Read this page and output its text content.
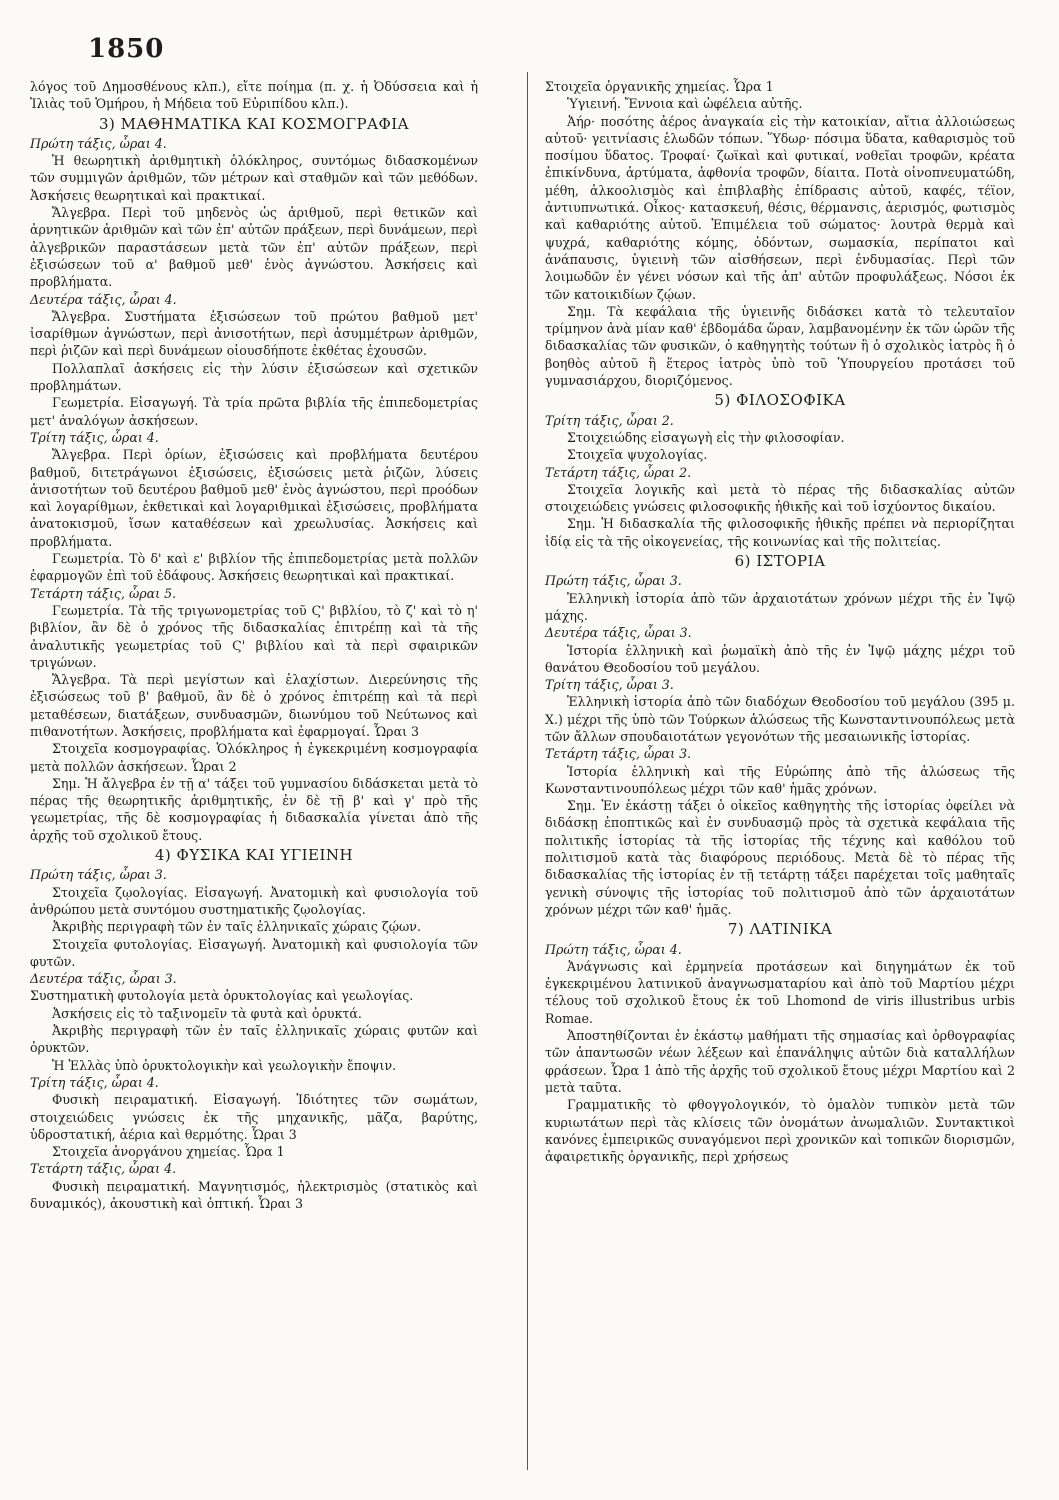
1850

λόγος τοῦ Δημοσθένους κλπ.), εἴτε ποίημα (π. χ. ἡ Ὀδύσσεια καὶ ἡ Ἰλιὰς τοῦ Ὁμήρου, ἡ Μήδεια τοῦ Εὐριπίδου κλπ.).

3) ΜΑΘΗΜΑΤΙΚΑ ΚΑΙ ΚΟΣΜΟΓΡΑΦΙΑ

Πρώτη τάξις, ὧραι 4.

Ἡ θεωρητικὴ ἀριθμητικὴ ὁλόκληρος, συντόμως διδασκομένων τῶν συμμιγῶν ἀριθμῶν, τῶν μέτρων καὶ σταθμῶν καὶ τῶν μεθόδων. Ἀσκήσεις θεωρητικαὶ καὶ πρακτικαί.

Ἄλγεβρα. Περὶ τοῦ μηδενὸς ὡς ἀριθμοῦ, περὶ θετικῶν καὶ ἀρνητικῶν ἀριθμῶν καὶ τῶν ἐπ' αὐτῶν πράξεων, περὶ δυνάμεων, περὶ ἀλγεβρικῶν παραστάσεων μετὰ τῶν ἐπ' αὐτῶν πράξεων, περὶ ἐξισώσεων τοῦ α' βαθμοῦ μεθ' ἑνὸς ἀγνώστου. Ἀσκήσεις καὶ προβλήματα.

Δευτέρα τάξις, ὧραι 4.

Ἄλγεβρα. Συστήματα ἐξισώσεων τοῦ πρώτου βαθμοῦ μετ' ἰσαρίθμων ἀγνώστων, περὶ ἀνισοτήτων, περὶ ἀσυμμέτρων ἀριθμῶν, περὶ ῥιζῶν καὶ περὶ δυνάμεων οἱουσδήποτε ἐκθέτας ἐχουσῶν.

Πολλαπλαῖ ἀσκήσεις εἰς τὴν λύσιν ἐξισώσεων καὶ σχετικῶν προβλημάτων.

Γεωμετρία. Εἰσαγωγή. Τὰ τρία πρῶτα βιβλία τῆς ἐπιπεδομετρίας μετ' ἀναλόγων ἀσκήσεων.

Τρίτη τάξις, ὧραι 4.

Ἄλγεβρα. Περὶ ὁρίων, ἐξισώσεις καὶ προβλήματα δευτέρου βαθμοῦ, διτετράγωνοι ἐξισώσεις, ἐξισώσεις μετὰ ῥιζῶν, λύσεις ἀνισοτήτων τοῦ δευτέρου βαθμοῦ μεθ' ἑνὸς ἀγνώστου, περὶ προόδων καὶ λογαρίθμων, ἐκθετικαὶ καὶ λογαριθμικαὶ ἐξισώσεις, προβλήματα ἀνατοκισμοῦ, ἴσων καταθέσεων καὶ χρεωλυσίας. Ἀσκήσεις καὶ προβλήματα.

Γεωμετρία. Τὸ δ' καὶ ε' βιβλίον τῆς ἐπιπεδομετρίας μετὰ πολλῶν ἐφαρμογῶν ἐπὶ τοῦ ἐδάφους. Ἀσκήσεις θεωρητικαὶ καὶ πρακτικαί.

Τετάρτη τάξις, ὧραι 5.

Γεωμετρία. Τὰ τῆς τριγωνομετρίας τοῦ Ϛ' βιβλίου, τὸ ζ' καὶ τὸ η' βιβλίον, ἂν δὲ ὁ χρόνος τῆς διδασκαλίας ἐπιτρέπῃ καὶ τὰ τῆς ἀναλυτικῆς γεωμετρίας τοῦ Ϛ' βιβλίου καὶ τὰ περὶ σφαιρικῶν τριγώνων.

Ἄλγεβρα. Τὰ περὶ μεγίστων καὶ ἐλαχίστων. Διερεύνησις τῆς ἐξισώσεως τοῦ β' βαθμοῦ, ἂν δὲ ὁ χρόνος ἐπιτρέπῃ καὶ τὰ περὶ μεταθέσεων, διατάξεων, συνδυασμῶν, διωνύμου τοῦ Νεύτωνος καὶ πιθανοτήτων. Ἀσκήσεις, προβλήματα καὶ ἐφαρμογαί. Ὧραι 3

Στοιχεῖα κοσμογραφίας. Ὁλόκληρος ἡ ἐγκεκριμένη κοσμογραφία μετὰ πολλῶν ἀσκήσεων. Ὧραι 2

Σημ. Ἡ ἄλγεβρα ἐν τῇ α' τάξει τοῦ γυμνασίου διδάσκεται μετὰ τὸ πέρας τῆς θεωρητικῆς ἀριθμητικῆς, ἐν δὲ τῇ β' καὶ γ' πρὸ τῆς γεωμετρίας, τῆς δὲ κοσμογραφίας ἡ διδασκαλία γίνεται ἀπὸ τῆς ἀρχῆς τοῦ σχολικοῦ ἔτους.

4) ΦΥΣΙΚΑ ΚΑΙ ΥΓΙΕΙΝΗ

Πρώτη τάξις, ὧραι 3.

Στοιχεῖα ζῳολογίας. Εἰσαγωγή. Ἀνατομικὴ καὶ φυσιολογία τοῦ ἀνθρώπου μετὰ συντόμου συστηματικῆς ζῳολογίας.

Ἀκριβὴς περιγραφὴ τῶν ἐν ταῖς ἑλληνικαῖς χώραις ζῴων.

Στοιχεῖα φυτολογίας. Εἰσαγωγή. Ἀνατομικὴ καὶ φυσιολογία τῶν φυτῶν.

Δευτέρα τάξις, ὧραι 3.

Συστηματικὴ φυτολογία μετὰ ὀρυκτολογίας καὶ γεωλογίας.

Ἀσκήσεις εἰς τὸ ταξινομεῖν τὰ φυτὰ καὶ ὀρυκτά.

Ἀκριβὴς περιγραφὴ τῶν ἐν ταῖς ἑλληνικαῖς χώραις φυτῶν καὶ ὀρυκτῶν.

Ἡ Ἑλλὰς ὑπὸ ὀρυκτολογικὴν καὶ γεωλογικὴν ἔποψιν.

Τρίτη τάξις, ὧραι 4.

Φυσικὴ πειραματική. Εἰσαγωγή. Ἰδιότητες τῶν σωμάτων, στοιχειώδεις γνώσεις ἐκ τῆς μηχανικῆς, μᾶζα, βαρύτης, ὑδροστατική, ἀέρια καὶ θερμότης. Ὧραι 3

Στοιχεῖα ἀνοργάνου χημείας. Ὧρα 1

Τετάρτη τάξις, ὧραι 4.

Φυσικὴ πειραματική. Μαγνητισμός, ἠλεκτρισμὸς (στατικὸς καὶ δυναμικός), ἀκουστικὴ καὶ ὀπτική. Ὧραι 3

Στοιχεῖα ὀργανικῆς χημείας. Ὧρα 1

Ὑγιεινή. Ἔννοια καὶ ὠφέλεια αὐτῆς.

Ἀήρ· ποσότης ἀέρος ἀναγκαία εἰς τὴν κατοικίαν, αἴτια ἀλλοιώσεως αὐτοῦ· γειτνίασις ἑλωδῶν τόπων. Ὕδωρ· πόσιμα ὕδατα, καθαρισμὸς τοῦ ποσίμου ὕδατος. Τροφαί· ζωϊκαὶ καὶ φυτικαί, νοθεῖαι τροφῶν, κρέατα ἐπικίνδυνα, ἀρτύματα, ἀφθονία τροφῶν, δίαιτα. Ποτὰ οἰνοπνευματώδη, μέθη, ἀλκοολισμὸς καὶ ἐπιβλαβὴς ἐπίδρασις αὐτοῦ, καφές, τέϊον, ἀντιυπνωτικά. Οἶκος· κατασκευή, θέσις, θέρμανσις, ἀερισμός, φωτισμὸς καὶ καθαριότης αὐτοῦ. Ἐπιμέλεια τοῦ σώματος· λουτρὰ θερμὰ καὶ ψυχρά, καθαριότης κόμης, ὀδόντων, σωμασκία, περίπατοι καὶ ἀνάπαυσις, ὑγιεινὴ τῶν αἰσθήσεων, περὶ ἐνδυμασίας. Περὶ τῶν λοιμωδῶν ἐν γένει νόσων καὶ τῆς ἀπ' αὐτῶν προφυλάξεως. Νόσοι ἐκ τῶν κατοικιδίων ζῴων.

Σημ. Τὰ κεφάλαια τῆς ὑγιεινῆς διδάσκει κατὰ τὸ τελευταῖον τρίμηνον ἀνὰ μίαν καθ' ἑβδομάδα ὥραν, λαμβανομένην ἐκ τῶν ὡρῶν τῆς διδασκαλίας τῶν φυσικῶν, ὁ καθηγητὴς τούτων ἢ ὁ σχολικὸς ἰατρὸς ἢ ὁ βοηθὸς αὐτοῦ ἢ ἕτερος ἰατρὸς ὑπὸ τοῦ Ὑπουργείου προτάσει τοῦ γυμνασιάρχου, διοριζόμενος.

5) ΦΙΛΟΣΟΦΙΚΑ

Τρίτη τάξις, ὧραι 2.

Στοιχειώδης εἰσαγωγὴ εἰς τὴν φιλοσοφίαν.

Στοιχεῖα ψυχολογίας.

Τετάρτη τάξις, ὧραι 2.

Στοιχεῖα λογικῆς καὶ μετὰ τὸ πέρας τῆς διδασκαλίας αὐτῶν στοιχειώδεις γνώσεις φιλοσοφικῆς ἠθικῆς καὶ τοῦ ἰσχύοντος δικαίου.

Σημ. Ἡ διδασκαλία τῆς φιλοσοφικῆς ἠθικῆς πρέπει νὰ περιορίζηται ἰδίᾳ εἰς τὰ τῆς οἰκογενείας, τῆς κοινωνίας καὶ τῆς πολιτείας.

6) ΙΣΤΟΡΙΑ

Πρώτη τάξις, ὧραι 3.

Ἑλληνικὴ ἱστορία ἀπὸ τῶν ἀρχαιοτάτων χρόνων μέχρι τῆς ἐν Ἰψῷ μάχης.

Δευτέρα τάξις, ὧραι 3.

Ἱστορία ἑλληνικὴ καὶ ῥωμαϊκὴ ἀπὸ τῆς ἐν Ἰψῷ μάχης μέχρι τοῦ θανάτου Θεοδοσίου τοῦ μεγάλου.

Τρίτη τάξις, ὧραι 3.

Ἑλληνικὴ ἱστορία ἀπὸ τῶν διαδόχων Θεοδοσίου τοῦ μεγάλου (395 μ. Χ.) μέχρι τῆς ὑπὸ τῶν Τούρκων ἁλώσεως τῆς Κωνσταντινουπόλεως μετὰ τῶν ἄλλων σπουδαιοτάτων γεγονότων τῆς μεσαιωνικῆς ἱστορίας.

Τετάρτη τάξις, ὧραι 3.

Ἱστορία ἑλληνικὴ καὶ τῆς Εὐρώπης ἀπὸ τῆς ἁλώσεως τῆς Κωνσταντινουπόλεως μέχρι τῶν καθ' ἡμᾶς χρόνων.

Σημ. Ἐν ἑκάστῃ τάξει ὁ οἰκεῖος καθηγητὴς τῆς ἱστορίας ὀφείλει νὰ διδάσκῃ ἐποπτικῶς καὶ ἐν συνδυασμῷ πρὸς τὰ σχετικὰ κεφάλαια τῆς πολιτικῆς ἱστορίας τὰ τῆς ἱστορίας τῆς τέχνης καὶ καθόλου τοῦ πολιτισμοῦ κατὰ τὰς διαφόρους περιόδους. Μετὰ δὲ τὸ πέρας τῆς διδασκαλίας τῆς ἱστορίας ἐν τῇ τετάρτῃ τάξει παρέχεται τοῖς μαθηταῖς γενικὴ σύνοψις τῆς ἱστορίας τοῦ πολιτισμοῦ ἀπὸ τῶν ἀρχαιοτάτων χρόνων μέχρι τῶν καθ' ἡμᾶς.

7) ΛΑΤΙΝΙΚΑ

Πρώτη τάξις, ὧραι 4.

Ἀνάγνωσις καὶ ἑρμηνεία προτάσεων καὶ διηγημάτων ἐκ τοῦ ἐγκεκριμένου λατινικοῦ ἀναγνωσματαρίου καὶ ἀπὸ τοῦ Μαρτίου μέχρι τέλους τοῦ σχολικοῦ ἔτους ἐκ τοῦ Lhomond de viris illustribus urbis Romae.

Ἀποστηθίζονται ἐν ἑκάστῳ μαθήματι τῆς σημασίας καὶ ὀρθογραφίας τῶν ἀπαντωσῶν νέων λέξεων καὶ ἐπανάληψις αὐτῶν διὰ καταλλήλων φράσεων. Ὧρα 1 ἀπὸ τῆς ἀρχῆς τοῦ σχολικοῦ ἔτους μέχρι Μαρτίου καὶ 2 μετὰ ταῦτα.

Γραμματικῆς τὸ φθογγολογικόν, τὸ ὁμαλὸν τυπικὸν μετὰ τῶν κυριωτάτων περὶ τὰς κλίσεις τῶν ὀνομάτων ἀνωμαλιῶν. Συντακτικοὶ κανόνες ἐμπειρικῶς συναγόμενοι περὶ χρονικῶν καὶ τοπικῶν διορισμῶν, ἀφαιρετικῆς ὀργανικῆς, περὶ χρήσεως
